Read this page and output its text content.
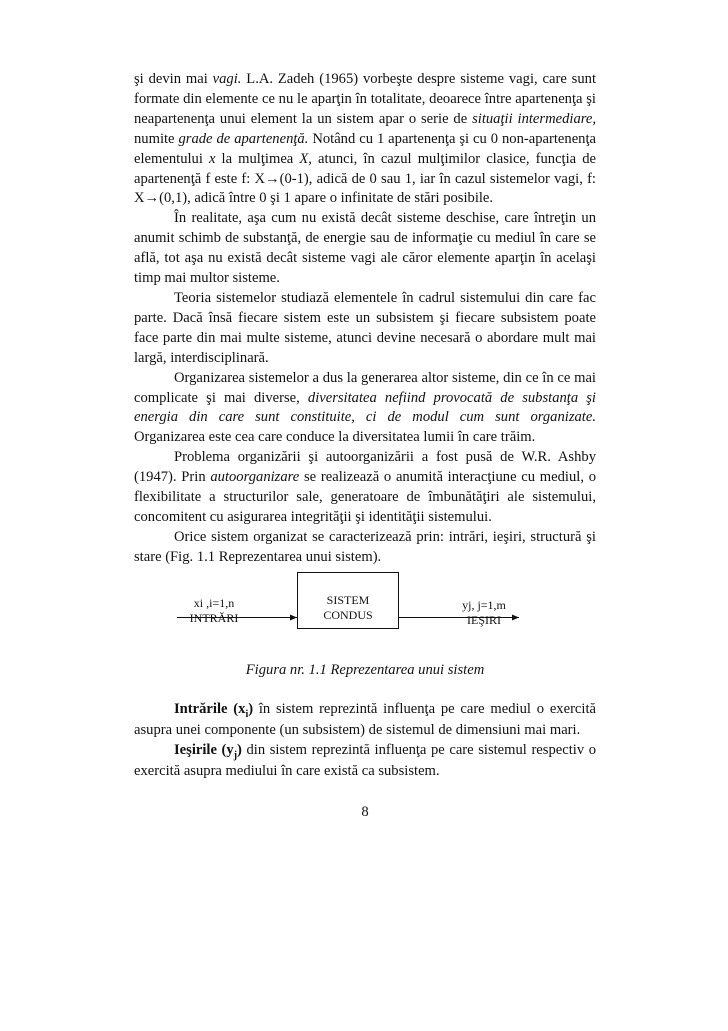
şi devin mai vagi. L.A. Zadeh (1965) vorbeşte despre sisteme vagi, care sunt formate din elemente ce nu le aparţin în totalitate, deoarece între apartenenţa şi neapartenenţa unui element la un sistem apar o serie de situaţii intermediare, numite grade de apartenenţă. Notând cu 1 apartenenţa şi cu 0 non-apartenenţa elementului x la mulţimea X, atunci, în cazul mulţimilor clasice, funcţia de apartenenţă f este f: X→(0-1), adică de 0 sau 1, iar în cazul sistemelor vagi, f: X→(0,1), adică între 0 şi 1 apare o infinitate de stări posibile.

În realitate, aşa cum nu există decât sisteme deschise, care întreţin un anumit schimb de substanţă, de energie sau de informaţie cu mediul în care se află, tot aşa nu există decât sisteme vagi ale căror elemente aparţin în acelaşi timp mai multor sisteme.

Teoria sistemelor studiază elementele în cadrul sistemului din care fac parte. Dacă însă fiecare sistem este un subsistem şi fiecare subsistem poate face parte din mai multe sisteme, atunci devine necesară o abordare mult mai largă, interdisciplinară.

Organizarea sistemelor a dus la generarea altor sisteme, din ce în ce mai complicate şi mai diverse, diversitatea nefiind provocată de substanţa şi energia din care sunt constituite, ci de modul cum sunt organizate. Organizarea este cea care conduce la diversitatea lumii în care trăim.

Problema organizării şi autoorganizării a fost pusă de W.R. Ashby (1947). Prin autoorganizare se realizează o anumită interacţiune cu mediul, o flexibilitate a structurilor sale, generatoare de îmbunătăţiri ale sistemului, concomitent cu asigurarea integrităţii şi identităţii sistemului.

Orice sistem organizat se caracterizează prin: intrări, ieşiri, structură şi stare (Fig. 1.1 Reprezentarea unui sistem).

xi ,i=1,n
INTRĂRI
SISTEM
CONDUS
yj, j=1,m
IEŞIRI
Figura nr. 1.1 Reprezentarea unui sistem

Intrările $(x_i)$ în sistem reprezintă influenţa pe care mediul o exercită asupra unei componente (un subsistem) de sistemul de dimensiuni mai mari.

Ieşirile $(y_j)$ din sistem reprezintă influenţa pe care sistemul respectiv o exercită asupra mediului în care există ca subsistem.

8
